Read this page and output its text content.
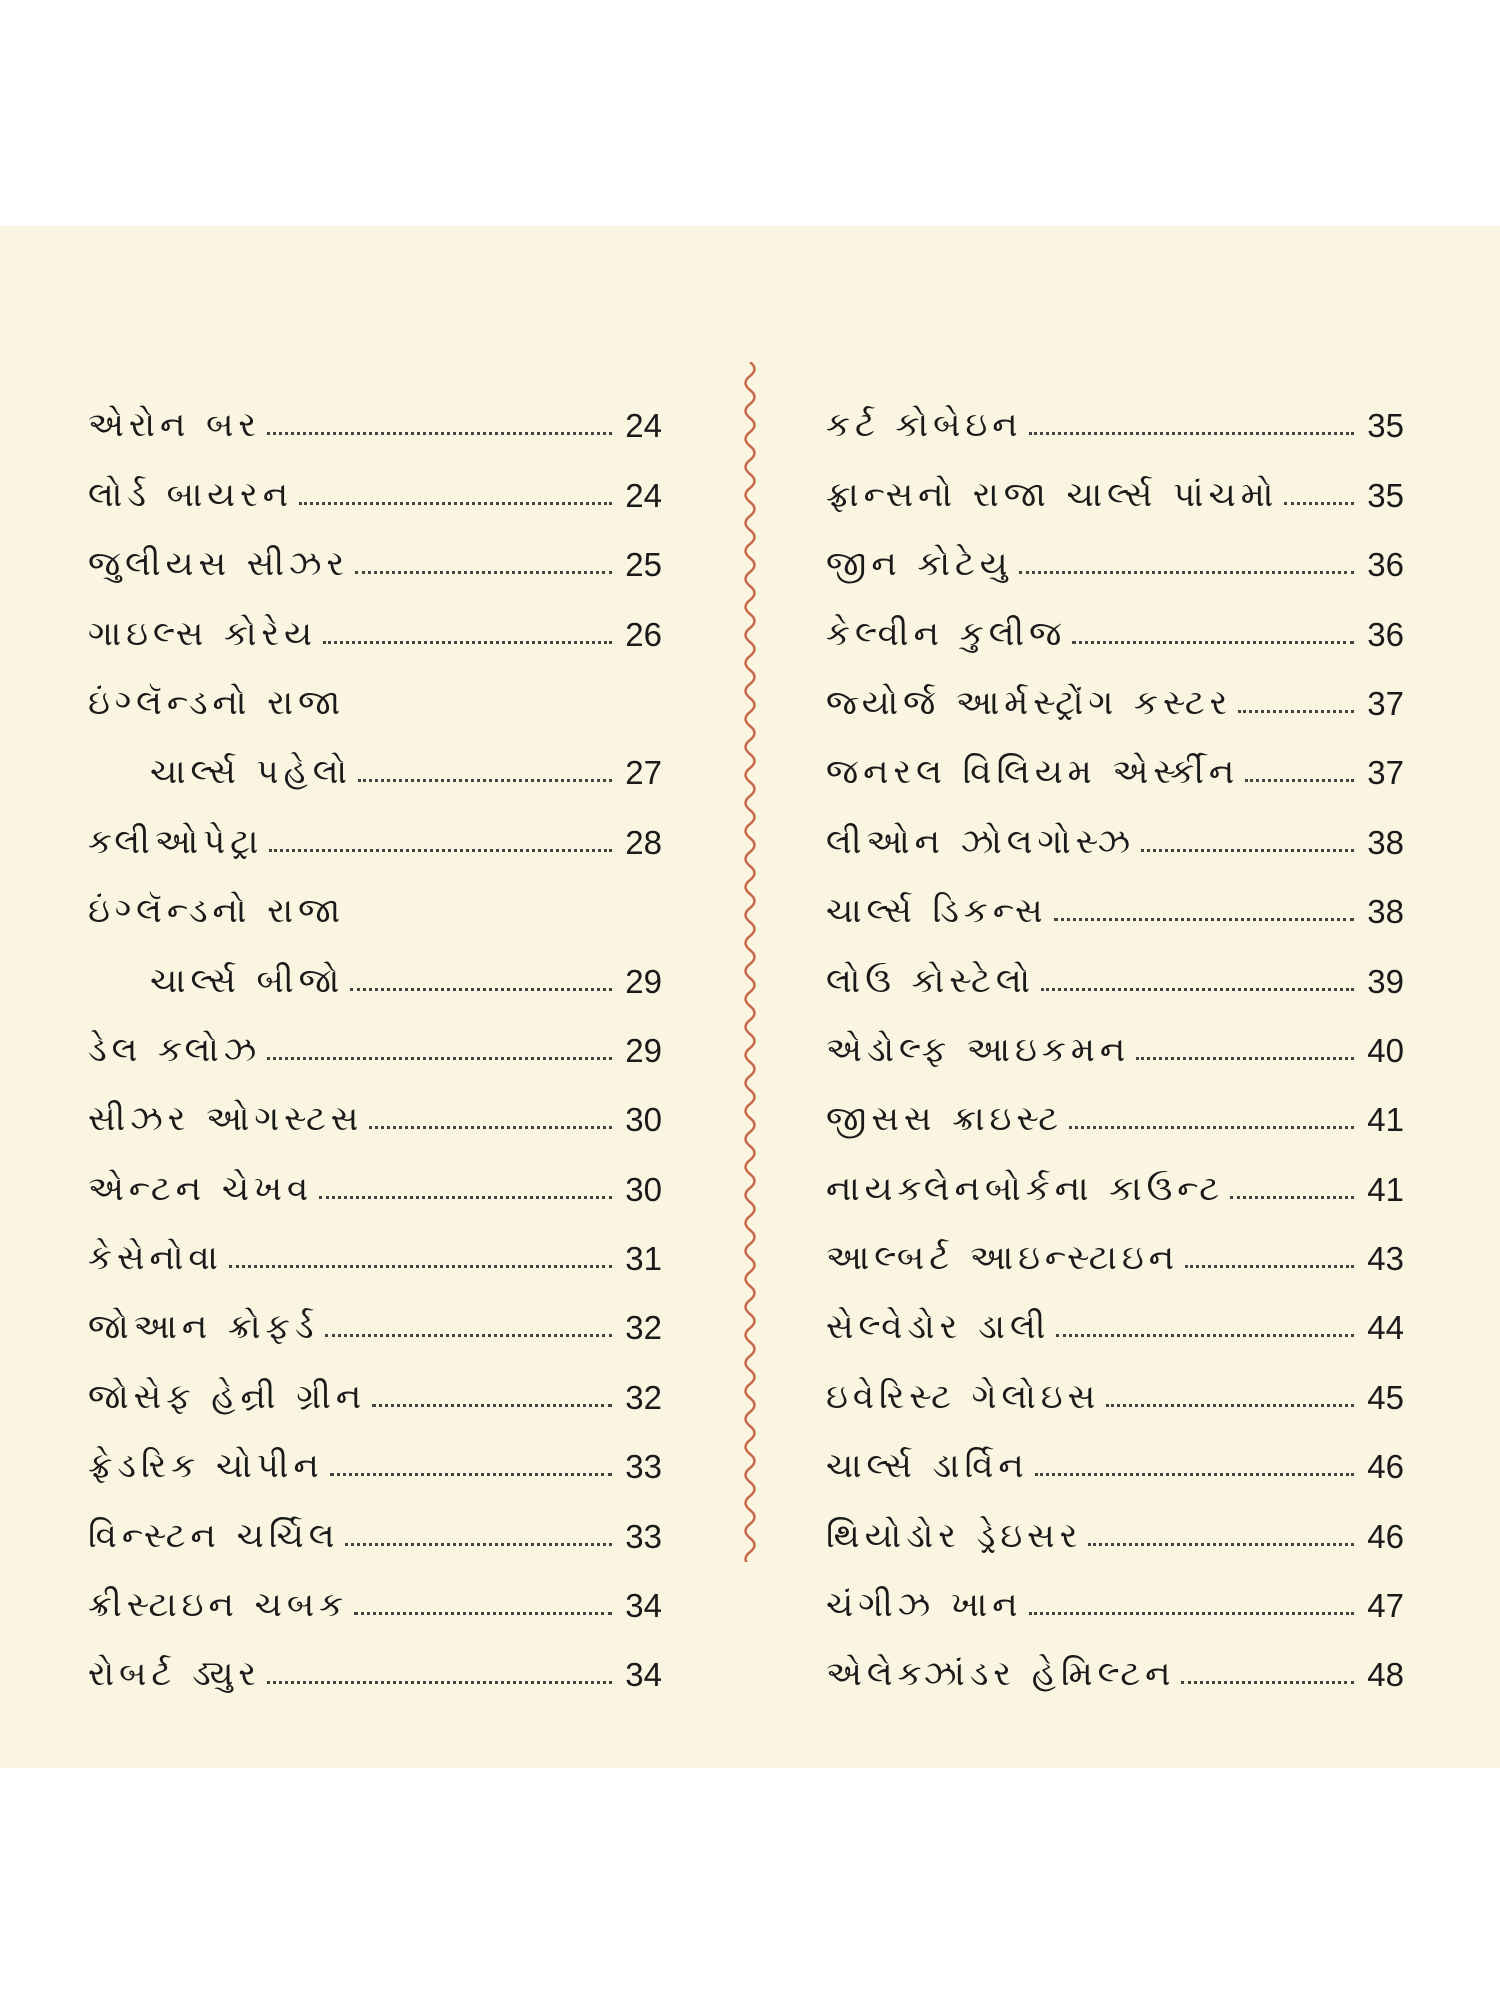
એરોન બર	24
લોર્ડ બાયરન	24
જુલીયસ સીઝર	25
ગાઇલ્સ કોરેય	26
ઇંગ્લૅન્ડનો રાજા
ચાર્લ્સ પહેલો	27
ક્લીઓપેટ્રા	28
ઇંગ્લૅન્ડનો રાજા
ચાર્લ્સ બીજો	29
ડેલ ક્લોઝ	29
સીઝર ઓગસ્ટસ	30
એન્ટન ચેખવ	30
કેસેનોવા	31
જોઆન ક્રોફર્ડ	32
જોસેફ હેન્રી ગ્રીન	32
ફ્રેડરિક ચોપીન	33
વિન્સ્ટન ચર્ચિલ	33
ક્રીસ્ટાઇન ચબક	34
રોબર્ટ ડ્યુર	34
કર્ટ કોબેઇન	35
ફ્રાન્સનો રાજા ચાર્લ્સ પાંચમો	35
જીન કોટેયુ	36
કેલ્વીન કુલીજ	36
જ્યોર્જ આર્મસ્ટ્રોંગ કસ્ટર	37
જનરલ વિલિયમ એર્સ્કીન	37
લીઓન ઝોલગોસ્ઝ	38
ચાર્લ્સ ડિકન્સ	38
લોઉ કોસ્ટેલો	39
એડોલ્ફ આઇકમન	40
જીસસ ક્રાઇસ્ટ	41
નાયક્લેનબોર્કના કાઉન્ટ	41
આલ્બર્ટ આઇન્સ્ટાઇન	43
સેલ્વેડોર ડાલી	44
ઇવેરિસ્ટ ગેલોઇસ	45
ચાર્લ્સ ડાર્વિન	46
થિયોડોર ડ્રેઇસર	46
ચંગીઝ ખાન	47
એલેક્ઝાંડર હેમિલ્ટન	48
